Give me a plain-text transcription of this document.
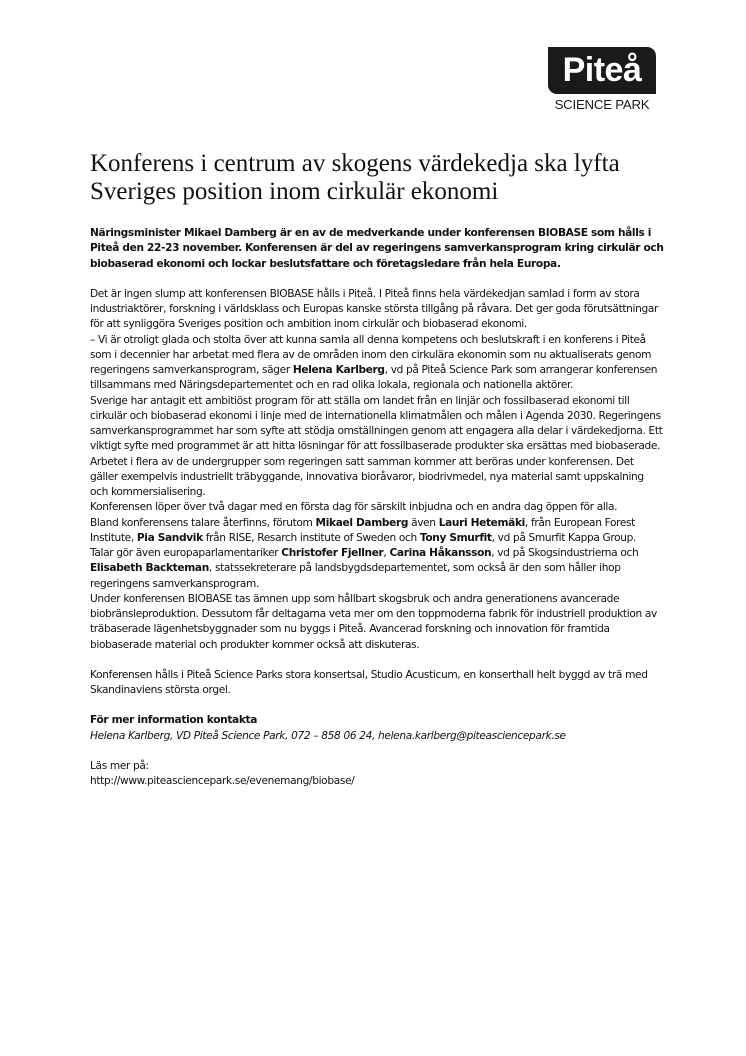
Piteå
SCIENCE PARK
Konferens i centrum av skogens värdekedja ska lyfta Sveriges position inom cirkulär ekonomi

Näringsminister Mikael Damberg är en av de medverkande under konferensen BIOBASE som hålls i Piteå den 22-23 november. Konferensen är del av regeringens samverkansprogram kring cirkulär och biobaserad ekonomi och lockar beslutsfattare och företagsledare från hela Europa.

Det är ingen slump att konferensen BIOBASE hålls i Piteå. I Piteå finns hela värdekedjan samlad i form av stora industriaktörer, forskning i världsklass och Europas kanske största tillgång på råvara. Det ger goda förutsättningar för att synliggöra Sveriges position och ambition inom cirkulär och biobaserad ekonomi.

– Vi är otroligt glada och stolta över att kunna samla all denna kompetens och beslutskraft i en konferens i Piteå som i decennier har arbetat med flera av de områden inom den cirkulära ekonomin som nu aktualiserats genom regeringens samverkansprogram, säger Helena Karlberg, vd på Piteå Science Park som arrangerar konferensen tillsammans med Näringsdepartementet och en rad olika lokala, regionala och nationella aktörer.

Sverige har antagit ett ambitiöst program för att ställa om landet från en linjär och fossilbaserad ekonomi till cirkulär och biobaserad ekonomi i linje med de internationella klimatmålen och målen i Agenda 2030. Regeringens samverkansprogrammet har som syfte att stödja omställningen genom att engagera alla delar i värdekedjorna. Ett viktigt syfte med programmet är att hitta lösningar för att fossilbaserade produkter ska ersättas med biobaserade.

Arbetet i flera av de undergrupper som regeringen satt samman kommer att beröras under konferensen. Det gäller exempelvis industriellt träbyggande, innovativa bioråvaror, biodrivmedel, nya material samt uppskalning och kommersialisering.

Konferensen löper över två dagar med en första dag för särskilt inbjudna och en andra dag öppen för alla.

Bland konferensens talare återfinns, förutom Mikael Damberg även Lauri Hetemäki, från European Forest Institute, Pia Sandvik från RISE, Resarch institute of Sweden och Tony Smurfit, vd på Smurfit Kappa Group.

Talar gör även europaparlamentariker Christofer Fjellner, Carina Håkansson, vd på Skogsindustrierna och Elisabeth Backteman, statssekreterare på landsbygdsdepartementet, som också är den som håller ihop regeringens samverkansprogram.

Under konferensen BIOBASE tas ämnen upp som hållbart skogsbruk och andra generationens avancerade biobränsleproduktion. Dessutom får deltagarna veta mer om den toppmoderna fabrik för industriell produktion av träbaserade lägenhetsbyggnader som nu byggs i Piteå. Avancerad forskning och innovation för framtida biobaserade material och produkter kommer också att diskuteras.

Konferensen hålls i Piteå Science Parks stora konsertsal, Studio Acusticum, en konserthall helt byggd av trä med Skandinaviens största orgel.

För mer information kontakta

Helena Karlberg, VD Piteå Science Park, 072 – 858 06 24, helena.karlberg@piteasciencepark.se

Läs mer på:

http://www.piteasciencepark.se/evenemang/biobase/
